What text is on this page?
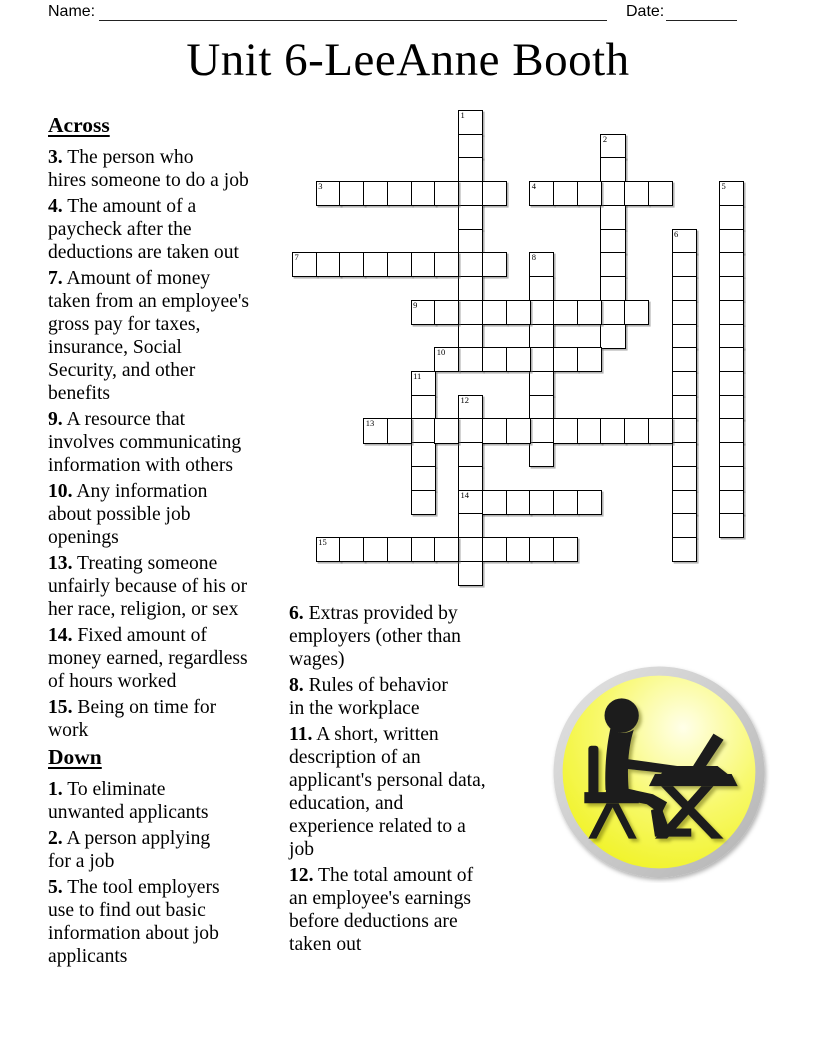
Name:	Date:
Unit 6-LeeAnne Booth
Across

3. The person who
hires someone to do a job

4. The amount of a
paycheck after the
deductions are taken out

7. Amount of money
taken from an employee's
gross pay for taxes,
insurance, Social
Security, and other
benefits

9. A resource that
involves communicating
information with others

10. Any information
about possible job
openings

13. Treating someone
unfairly because of his or
her race, religion, or sex

14. Fixed amount of
money earned, regardless
of hours worked

15. Being on time for
work

Down

1. To eliminate
unwanted applicants

2. A person applying
for a job

5. The tool employers
use to find out basic
information about job
applicants

6. Extras provided by
employers (other than
wages)

8. Rules of behavior
in the workplace

11. A short, written
description of an
applicant's personal data,
education, and
experience related to a
job

12. The total amount of
an employee's earnings
before deductions are
taken out

1
2
3	4	5
6
7	8
9
10
11
12
14
13
15
